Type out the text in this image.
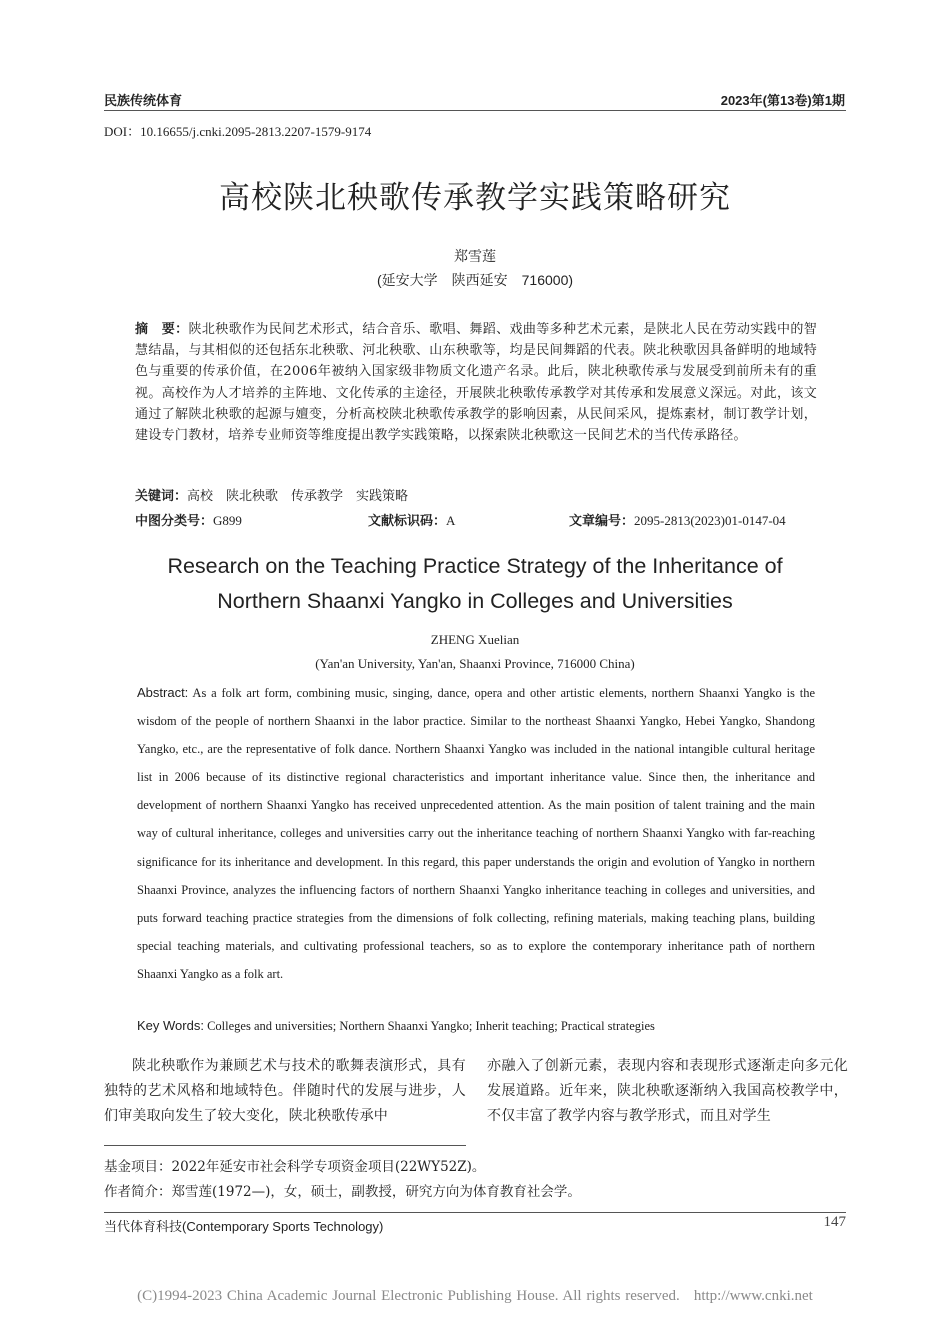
民族传统体育	2023年(第13卷)第1期
DOI：10.16655/j.cnki.2095-2813.2207-1579-9174
高校陕北秧歌传承教学实践策略研究
郑雪莲
(延安大学 陕西延安 716000)
摘　要：陕北秧歌作为民间艺术形式，结合音乐、歌唱、舞蹈、戏曲等多种艺术元素，是陕北人民在劳动实践中的智慧结晶，与其相似的还包括东北秧歌、河北秧歌、山东秧歌等，均是民间舞蹈的代表。陕北秧歌因具备鲜明的地域特色与重要的传承价值，在2006年被纳入国家级非物质文化遗产名录。此后，陕北秧歌传承与发展受到前所未有的重视。高校作为人才培养的主阵地、文化传承的主途径，开展陕北秧歌传承教学对其传承和发展意义深远。对此，该文通过了解陕北秧歌的起源与嬗变，分析高校陕北秧歌传承教学的影响因素，从民间采风，提炼素材，制订教学计划，建设专门教材，培养专业师资等维度提出教学实践策略，以探索陕北秧歌这一民间艺术的当代传承路径。
关键词：高校　陕北秧歌　传承教学　实践策略
中图分类号：G899	文献标识码：A	文章编号：2095-2813(2023)01-0147-04
Research on the Teaching Practice Strategy of the Inheritance of
Northern Shaanxi Yangko in Colleges and Universities
ZHENG Xuelian
(Yan'an University, Yan'an, Shaanxi Province, 716000 China)
Abstract: As a folk art form, combining music, singing, dance, opera and other artistic elements, northern Shaanxi Yangko is the wisdom of the people of northern Shaanxi in the labor practice. Similar to the northeast Shaanxi Yangko, Hebei Yangko, Shandong Yangko, etc., are the representative of folk dance. Northern Shaanxi Yangko was included in the national intangible cultural heritage list in 2006 because of its distinctive regional characteristics and important inheritance value. Since then, the inheritance and development of northern Shaanxi Yangko has received unprecedented attention. As the main position of talent training and the main way of cultural inheritance, colleges and universities carry out the inheritance teaching of northern Shaanxi Yangko with far-reaching significance for its inheritance and development. In this regard, this paper understands the origin and evolution of Yangko in northern Shaanxi Province, analyzes the influencing factors of northern Shaanxi Yangko inheritance teaching in colleges and universities, and puts forward teaching practice strategies from the dimensions of folk collecting, refining materials, making teaching plans, building special teaching materials, and cultivating professional teachers, so as to explore the contemporary inheritance path of northern Shaanxi Yangko as a folk art.
Key Words: Colleges and universities; Northern Shaanxi Yangko; Inherit teaching; Practical strategies
陕北秧歌作为兼顾艺术与技术的歌舞表演形式，具有独特的艺术风格和地域特色。伴随时代的发展与进步，人们审美取向发生了较大变化，陕北秧歌传承中
亦融入了创新元素，表现内容和表现形式逐渐走向多元化发展道路。近年来，陕北秧歌逐渐纳入我国高校教学中，不仅丰富了教学内容与教学形式，而且对学生
基金项目：2022年延安市社会科学专项资金项目(22WY52Z)。
作者简介：郑雪莲(1972—)，女，硕士，副教授，研究方向为体育教育社会学。
当代体育科技(Contemporary Sports Technology)	147
(C)1994-2023 China Academic Journal Electronic Publishing House. All rights reserved. http://www.cnki.net
